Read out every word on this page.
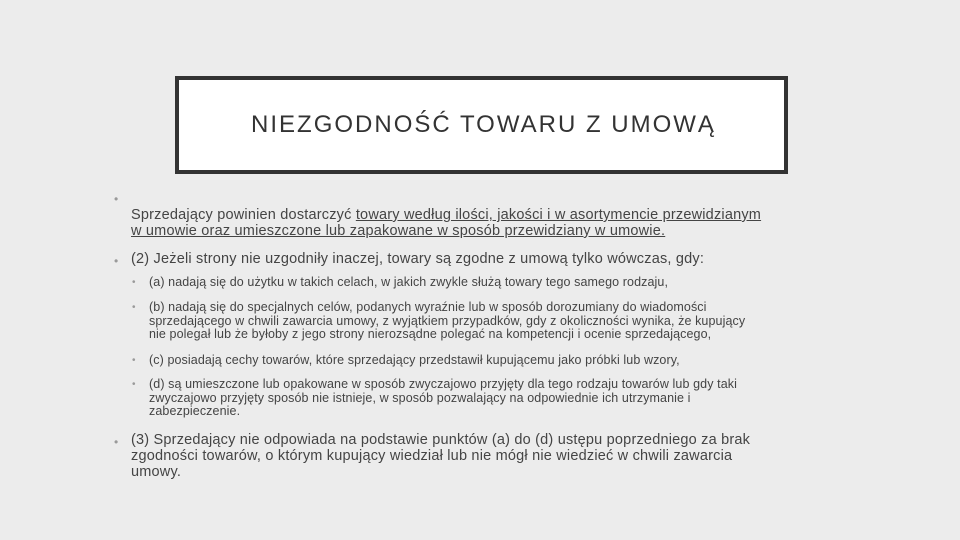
NIEZGODNOŚĆ TOWARU Z UMOWĄ
•
Sprzedający powinien dostarczyć towary według ilości, jakości i w asortymencie przewidzianym
w umowie oraz umieszczone lub zapakowane w sposób przewidziany w umowie.
• (2) Jeżeli strony nie uzgodniły inaczej, towary są zgodne z umową tylko wówczas, gdy:
• (a) nadają się do użytku w takich celach, w jakich zwykle służą towary tego samego rodzaju,
• (b) nadają się do specjalnych celów, podanych wyraźnie lub w sposób dorozumiany do wiadomości
sprzedającego w chwili zawarcia umowy, z wyjątkiem przypadków, gdy z okoliczności wynika, że kupujący
nie polegał lub że byłoby z jego strony nierozsądne polegać na kompetencji i ocenie sprzedającego,
• (c) posiadają cechy towarów, które sprzedający przedstawił kupującemu jako próbki lub wzory,
• (d) są umieszczone lub opakowane w sposób zwyczajowo przyjęty dla tego rodzaju towarów lub gdy taki
zwyczajowo przyjęty sposób nie istnieje, w sposób pozwalający na odpowiednie ich utrzymanie i
zabezpieczenie.
• (3) Sprzedający nie odpowiada na podstawie punktów (a) do (d) ustępu poprzedniego za brak
zgodności towarów, o którym kupujący wiedział lub nie mógł nie wiedzieć w chwili zawarcia
umowy.
